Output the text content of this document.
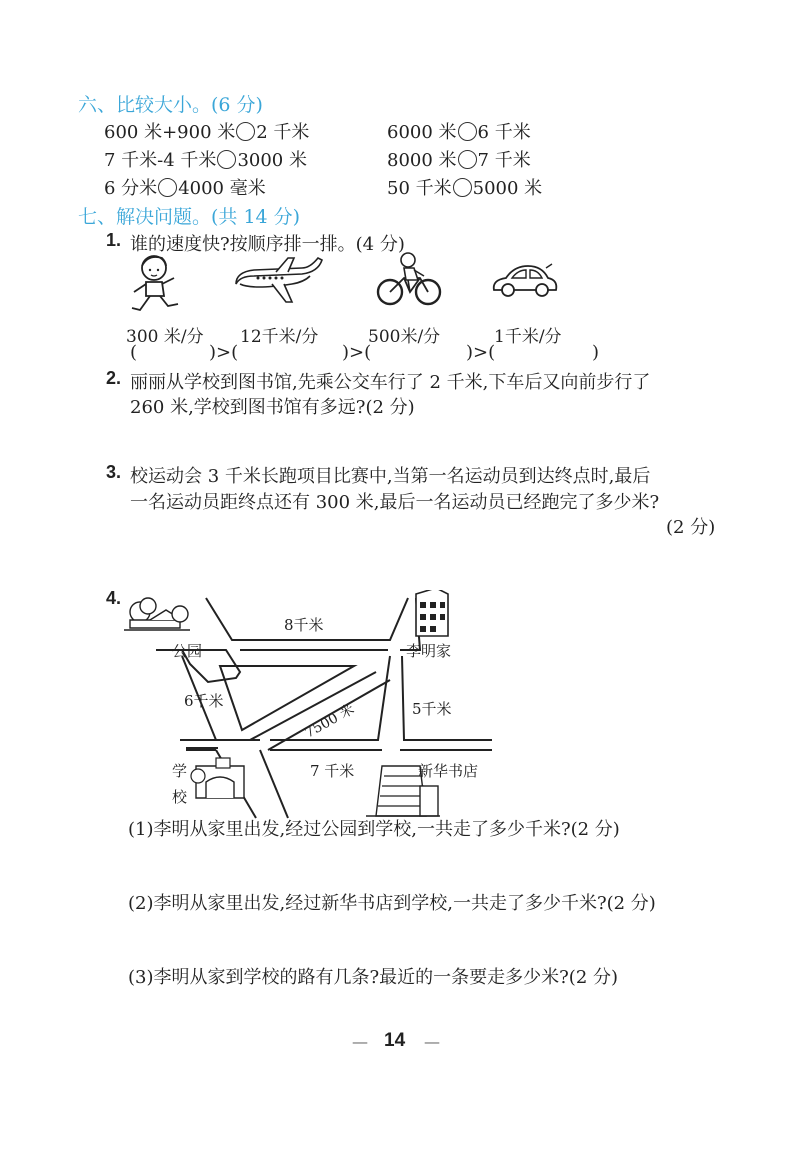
六、比较大小。(6 分)
600 米+900 米 2 千米	6000 米 6 千米
7 千米-4 千米 3000 米	8000 米 7 千米
6 分米 4000 毫米	50 千米 5000 米
七、解决问题。(共 14 分)
1. 谁的速度快?按顺序排一排。(4 分)
300 米/分 12千米/分	500米/分	1千米/分
(	)>(	)>(	)>(	)
2. 丽丽从学校到图书馆,先乘公交车行了 2 千米,下车后又向前步行了
260 米,学校到图书馆有多远?(2 分)
3. 校运动会 3 千米长跑项目比赛中,当第一名运动员到达终点时,最后
一名运动员距终点还有 300 米,最后一名运动员已经跑完了多少米?
(2 分)
4.
公园	李明家
8千米
6千米
7500 米	5千米
7 千米
学
校
新华书店
(1)李明从家里出发,经过公园到学校,一共走了多少千米?(2 分)
(2)李明从家里出发,经过新华书店到学校,一共走了多少千米?(2 分)
(3)李明从家到学校的路有几条?最近的一条要走多少米?(2 分)
— 14 —
